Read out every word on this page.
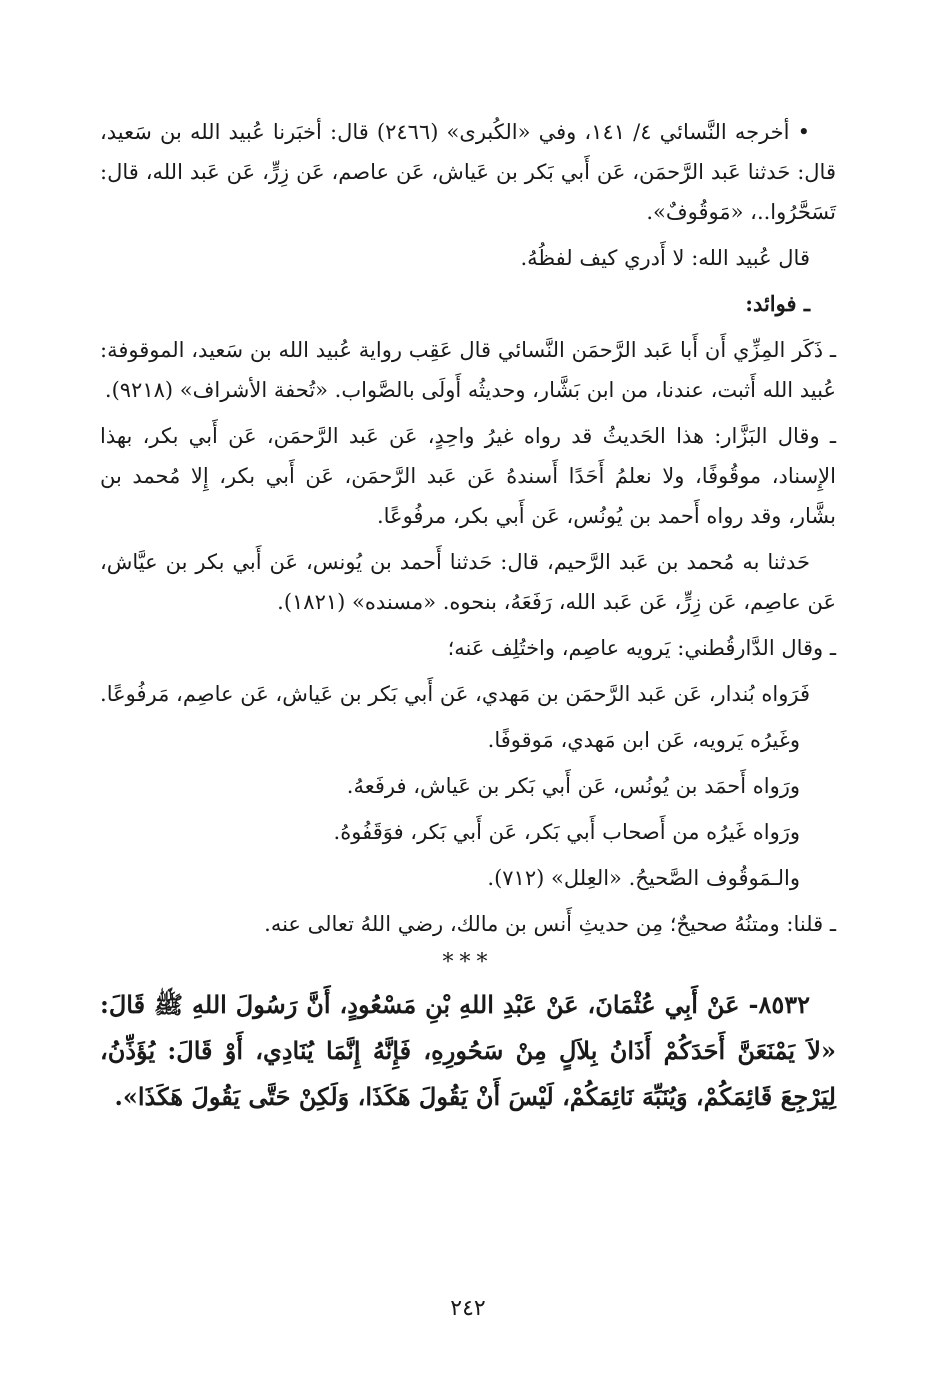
• أخرجه النَّسائي ٤/ ١٤١، وفي «الكُبرى» (٢٤٦٦) قال: أخبَرنا عُبيد الله بن سَعيد، قال: حَدثنا عَبد الرَّحمَن، عَن أَبي بَكر بن عَياش، عَن عاصم، عَن زِرٍّ، عَن عَبد الله، قال: تَسَحَّرُوا..، «مَوقُوفٌ».

قال عُبيد الله: لا أَدري كيف لفظُهُ.

ـ فوائد:

ـ ذَكَر المِزِّي أَن أَبا عَبد الرَّحمَن النَّسائي قال عَقِب رواية عُبيد الله بن سَعيد، الموقوفة: عُبيد الله أَثبت، عندنا، من ابن بَشَّار، وحديثُه أَولَى بالصَّواب. «تُحفة الأشراف» (٩٢١٨).

ـ وقال البَزَّار: هذا الحَديثُ قد رواه غيرُ واحِدٍ، عَن عَبد الرَّحمَن، عَن أَبي بكر، بهذا الإِسناد، موقُوفًا، ولا نعلمُ أَحَدًا أَسندهُ عَن عَبد الرَّحمَن، عَن أَبي بكر، إِلا مُحمد بن بشَّار، وقد رواه أَحمد بن يُونُس، عَن أَبي بكر، مرفُوعًا.

حَدثنا به مُحمد بن عَبد الرَّحيم، قال: حَدثنا أَحمد بن يُونس، عَن أَبي بكر بن عيَّاش، عَن عاصِم، عَن زِرٍّ، عَن عَبد الله، رَفَعَهُ، بنحوه. «مسنده» (١٨٢١).

ـ وقال الدَّارقُطني: يَرويه عاصِم، واختُلِف عَنه؛

فَرَواه بُندار، عَن عَبد الرَّحمَن بن مَهدي، عَن أَبي بَكر بن عَياش، عَن عاصِم، مَرفُوعًا.

وغَيرُه يَرويه، عَن ابن مَهدي، مَوقوفًا.

ورَواه أَحمَد بن يُونُس، عَن أَبي بَكر بن عَياش، فرفَعهُ.

ورَواه غَيرُه من أَصحاب أَبي بَكر، عَن أَبي بَكر، فوَقَفُوهُ.

والـمَوقُوف الصَّحيحُ. «العِلل» (٧١٢).

ـ قلنا: ومتنُهُ صحيحٌ؛ مِن حديثِ أَنس بن مالك، رضي اللهُ تعالى عنه.

***

٨٥٣٢- عَنْ أَبِي عُثْمَانَ، عَنْ عَبْدِ اللهِ بْنِ مَسْعُودٍ، أَنَّ رَسُولَ اللهِ ﷺ قَالَ: «لاَ يَمْنَعَنَّ أَحَدَكُمْ أَذَانُ بِلاَلٍ مِنْ سَحُورِهِ، فَإِنَّهُ إِنَّمَا يُنَادِي، أَوْ قَالَ: يُؤَذِّنُ، لِيَرْجِعَ قَائِمَكُمْ، وَيُنَبِّهَ نَائِمَكُمْ، لَيْسَ أَنْ يَقُولَ هَكَذَا، وَلَكِنْ حَتَّى يَقُولَ هَكَذَا».

٢٤٢
